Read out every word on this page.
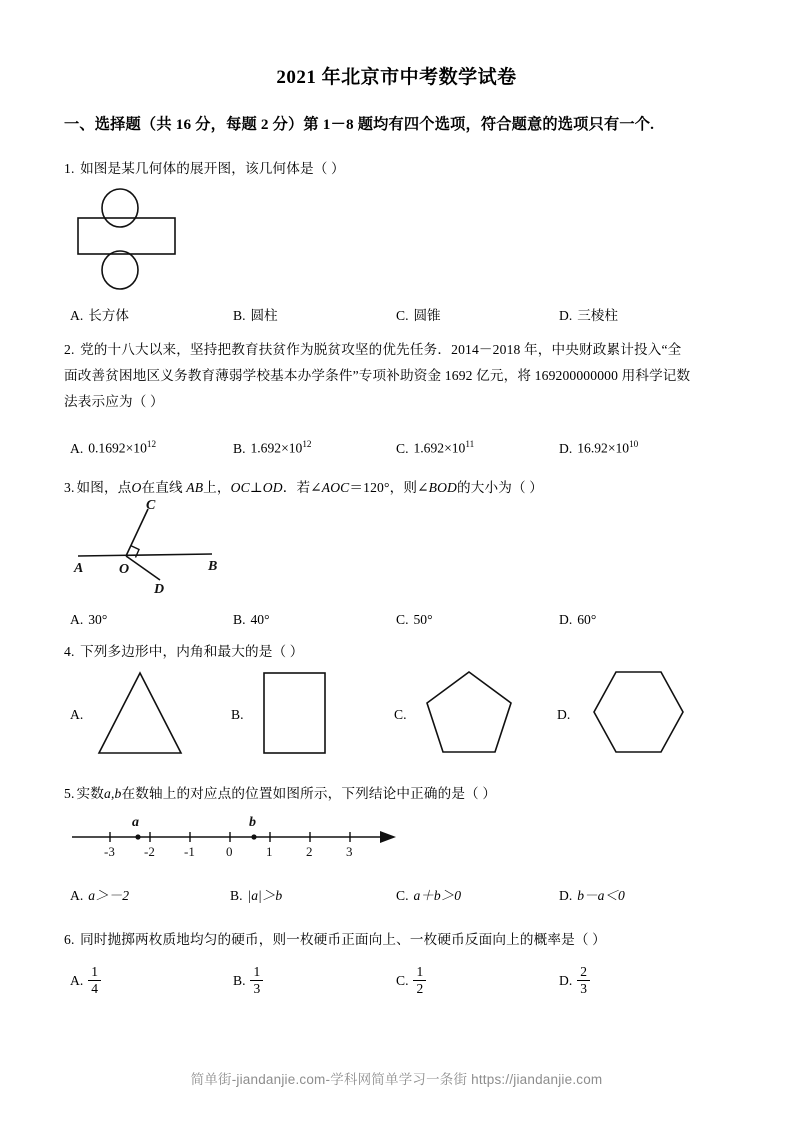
2021 年北京市中考数学试卷
一、选择题（共 16 分，每题 2 分）第 1－8 题均有四个选项，符合题意的选项只有一个.
1. 如图是某几何体的展开图，该几何体是（ ）
A. 长方体	B. 圆柱	C. 圆锥	D. 三棱柱
2. 党的十八大以来，坚持把教育扶贫作为脱贫攻坚的优先任务．2014－2018 年，中央财政累计投入“全
面改善贫困地区义务教育薄弱学校基本办学条件”专项补助资金 1692 亿元，将 169200000000 用科学记数
法表示应为（ ）
A. $0.1692\times 10^{12}$	B. $1.692\times 10^{12}$	C. $1.692\times 10^{11}$	D. $16.92\times 10^{10}$
3. 如图，点O在直线 AB上，OC⊥OD．若∠AOC＝120°，则∠BOD的大小为（ ）
A	O	B
C
D
A. 30°	B. 40°	C. 50°	D. 60°
4. 下列多边形中，内角和最大的是（ ）
A.	B.	C.	D.
5. 实数a,b在数轴上的对应点的位置如图所示，下列结论中正确的是（ ）
-3 -2 -1 0	1	2	3
a	b
A. a＞－2	B. |a|＞b	C. a＋b＞0	D. b－a＜0
6. 同时抛掷两枚质地均匀的硬币，则一枚硬币正面向上、一枚硬币反面向上的概率是（ ）
A. $\frac{1}{4}$	B. $\frac{1}{3}$	C. $\frac{1}{2}$	D. $\frac{2}{3}$
简单街-jiandanjie.com-学科网简单学习一条街 https://jiandanjie.com
